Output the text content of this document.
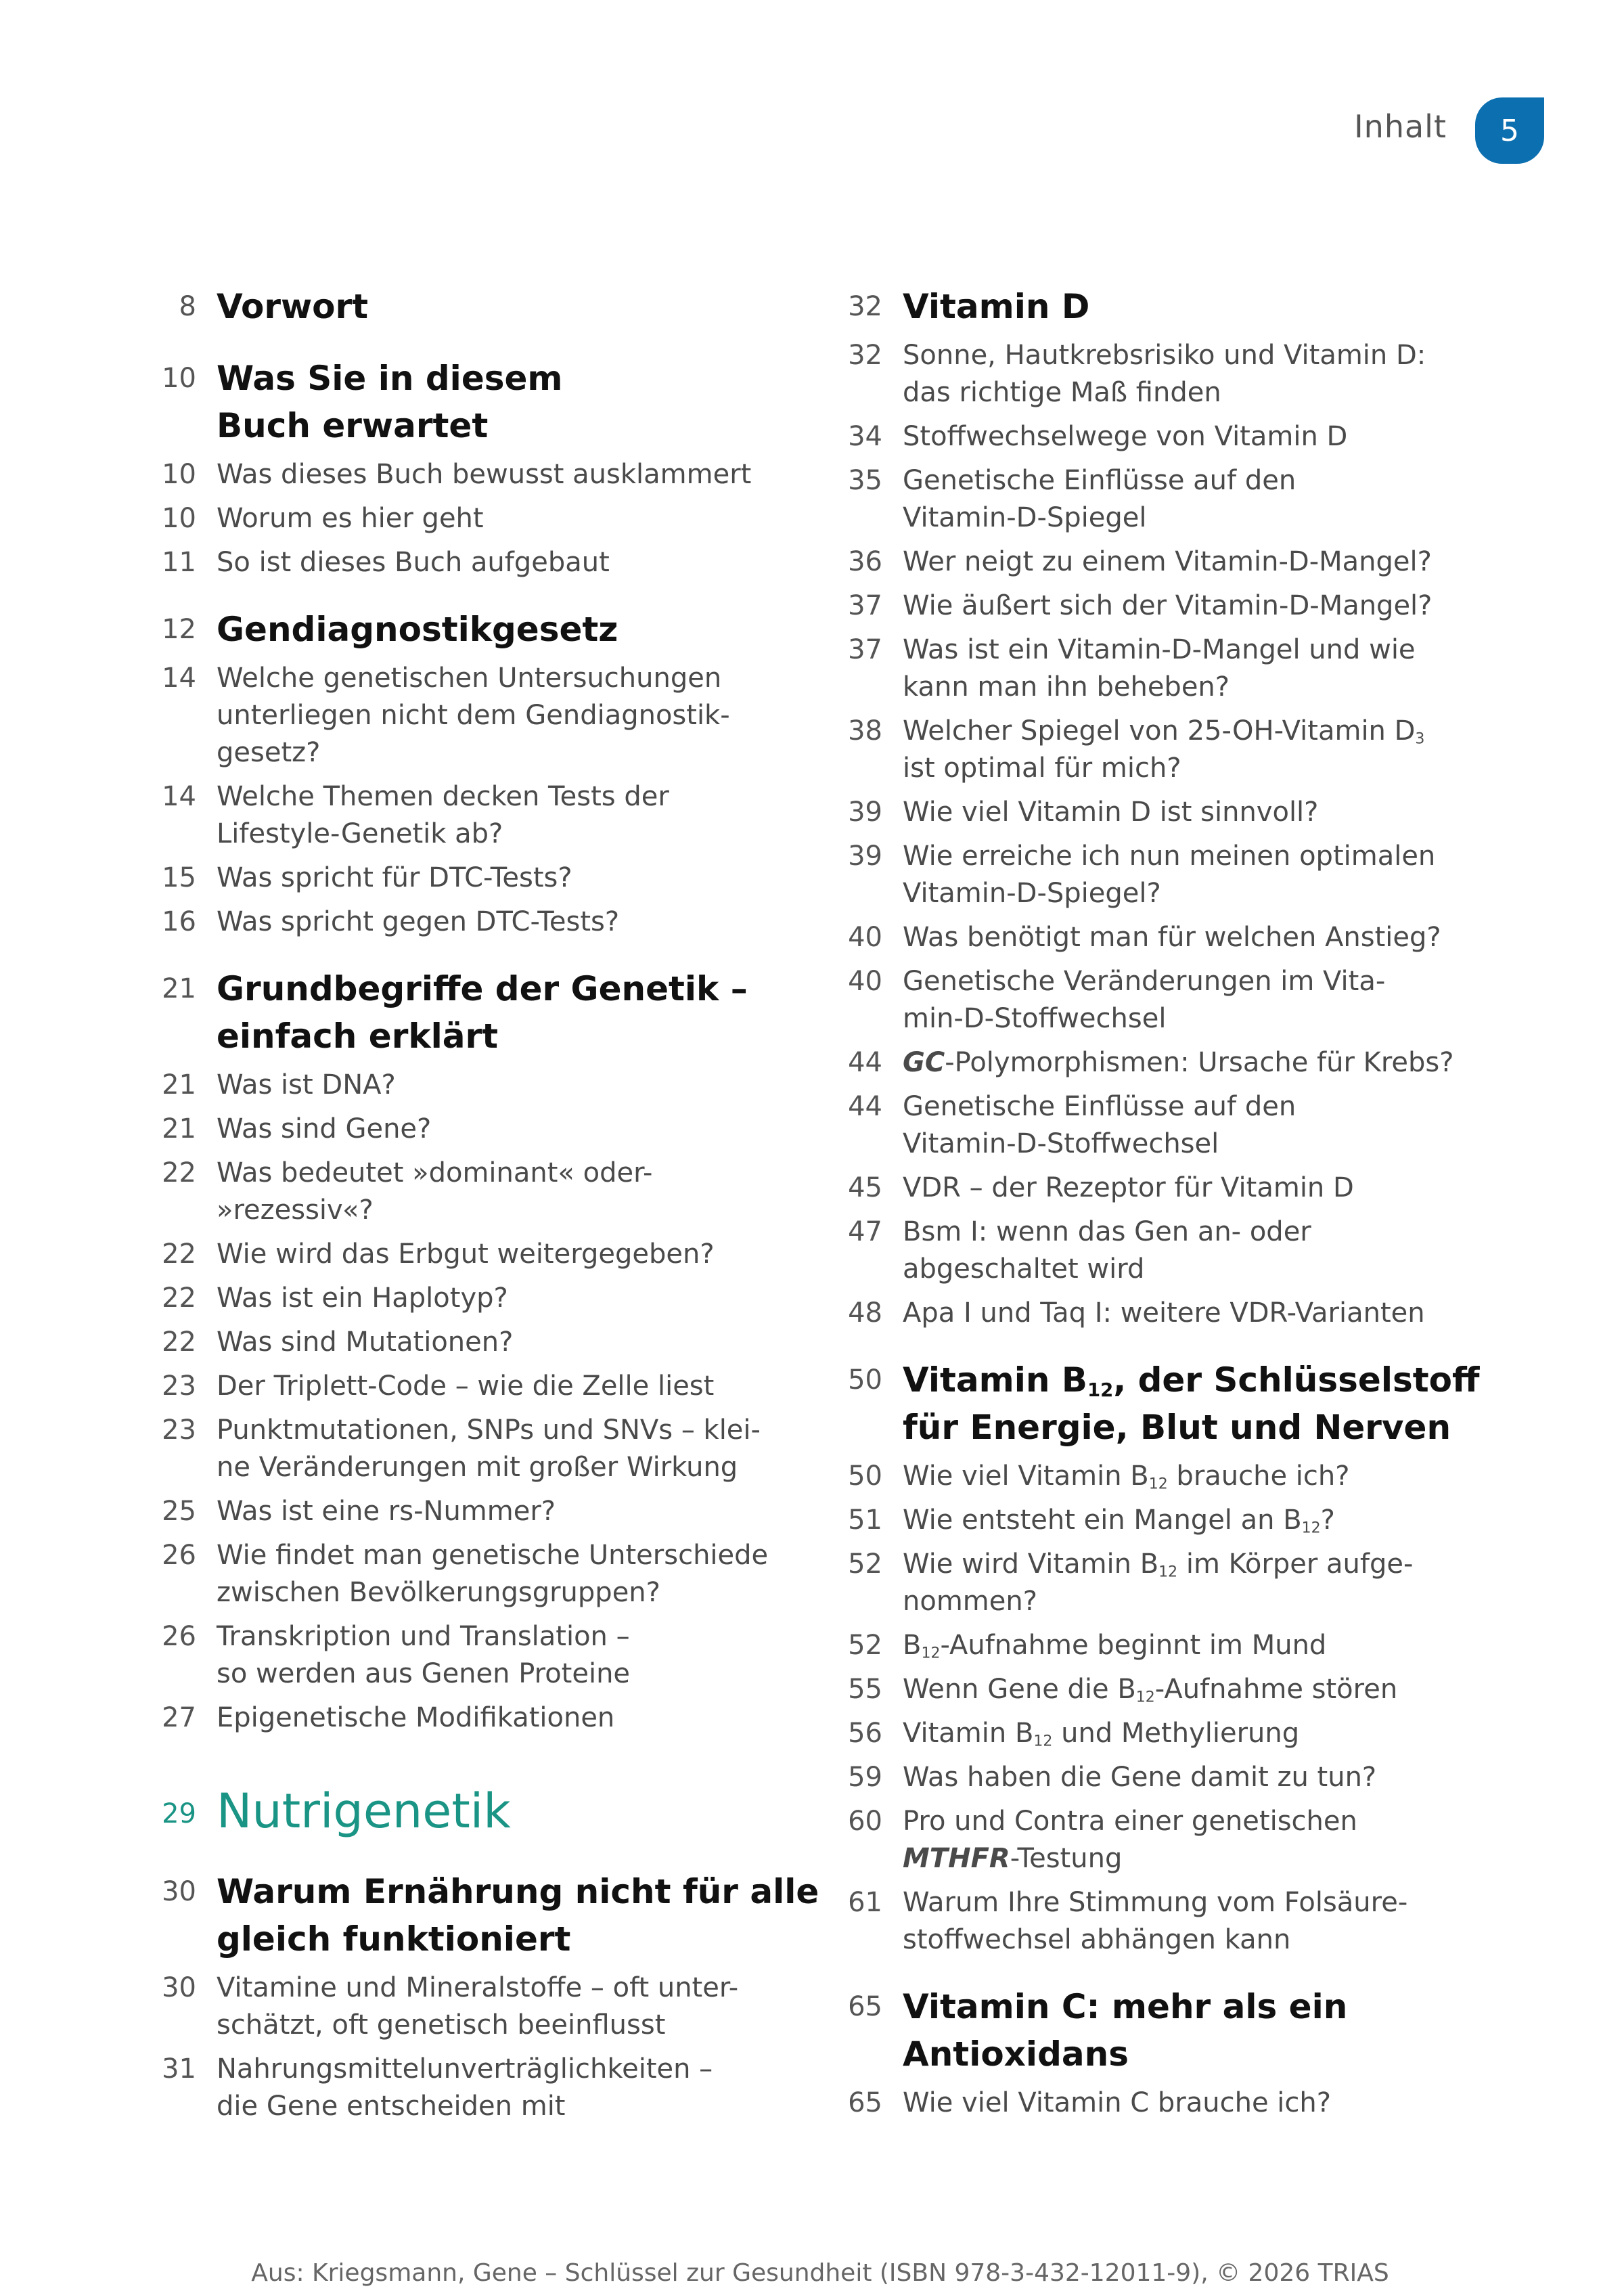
Inhalt	5
8 Vorwort
10 Was Sie in diesem
Buch erwartet
10 Was dieses Buch bewusst ausklammert
10 Worum es hier geht
11 So ist dieses Buch aufgebaut
12 Gendiagnostikgesetz
14 Welche genetischen Untersuchungen
unterliegen nicht dem Gendiagnostik-
gesetz?
14 Welche Themen decken Tests der
Lifestyle-Genetik ab?
15 Was spricht für DTC-Tests?
16 Was spricht gegen DTC-Tests?
21 Grundbegriffe der Genetik –
einfach erklärt
21 Was ist DNA?
21 Was sind Gene?
22 Was bedeutet »dominant« oder-
»rezessiv«?
22 Wie wird das Erbgut weitergegeben?
22 Was ist ein Haplotyp?
22 Was sind Mutationen?
23 Der Triplett-Code – wie die Zelle liest
23 Punktmutationen, SNPs und SNVs – klei-
ne Veränderungen mit großer Wirkung
25 Was ist eine rs-Nummer?
26 Wie findet man genetische Unterschiede
zwischen Bevölkerungsgruppen?
26 Transkription und Translation –
so werden aus Genen Proteine
27 Epigenetische Modifikationen
29 Nutrigenetik
30 Warum Ernährung nicht für alle
gleich funktioniert
30 Vitamine und Mineralstoffe – oft unter-
schätzt, oft genetisch beeinflusst
31 Nahrungsmittelunverträglichkeiten –
die Gene entscheiden mit
32 Vitamin D
32 Sonne, Hautkrebsrisiko und Vitamin D:
das richtige Maß finden
34 Stoffwechselwege von Vitamin D
35 Genetische Einflüsse auf den
Vitamin-D-Spiegel
36 Wer neigt zu einem Vitamin-D-Mangel?
37 Wie äußert sich der Vitamin-D-Mangel?
37 Was ist ein Vitamin-D-Mangel und wie
kann man ihn beheben?
38 Welcher Spiegel von 25-OH-Vitamin $D_3$
ist optimal für mich?
39 Wie viel Vitamin D ist sinnvoll?
39 Wie erreiche ich nun meinen optimalen
Vitamin-D-Spiegel?
40 Was benötigt man für welchen Anstieg?
40 Genetische Veränderungen im Vita-
min-D-Stoffwechsel
44 GC-Polymorphismen: Ursache für Krebs?
44 Genetische Einflüsse auf den
Vitamin-D-Stoffwechsel
45 VDR – der Rezeptor für Vitamin D
47 Bsm I: wenn das Gen an- oder
abgeschaltet wird
48 Apa I und Taq I: weitere VDR-Varianten
50 Vitamin $B_{12}$, der Schlüsselstoff
für Energie, Blut und Nerven
50 Wie viel Vitamin $B_{12}$ brauche ich?
51 Wie entsteht ein Mangel an $B_{12}$?
52 Wie wird Vitamin $B_{12}$ im Körper aufge-
nommen?
52 $B_{12}$-Aufnahme beginnt im Mund
55 Wenn Gene die $B_{12}$-Aufnahme stören
56 Vitamin $B_{12}$ und Methylierung
59 Was haben die Gene damit zu tun?
60 Pro und Contra einer genetischen
MTHFR-Testung
61 Warum Ihre Stimmung vom Folsäure-
stoffwechsel abhängen kann
65 Vitamin C: mehr als ein
Antioxidans
65 Wie viel Vitamin C brauche ich?
Aus: Kriegsmann, Gene – Schlüssel zur Gesundheit (ISBN 978-3-432-12011-9), © 2026 TRIAS
